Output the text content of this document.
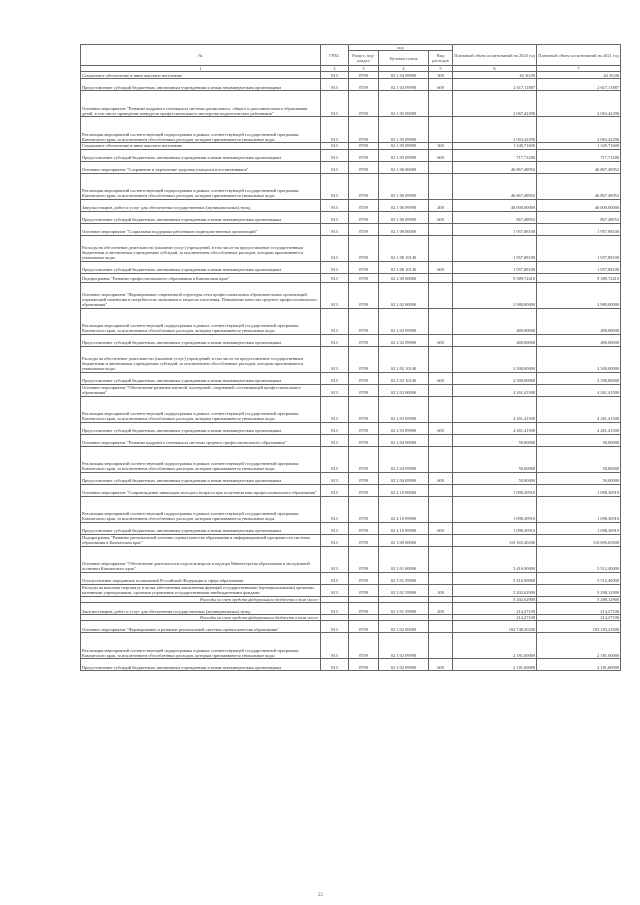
№	ГРБС	код			Плановый объем ассигнований на 2020 год	Плановый объем ассигнований на 2021 год
		Раздел, под-раздел	Целевая статья	Вид расходов		
1	2	3	4	5	6	7
Социальное обеспечение и иные выплаты населению	813	0709	02 1 04 09990	300	62 30,00	62 30,00
Предоставление субсидий бюджетным, автономным учреждениям и иным некоммерческим организациям	813	0709	02 1 04 09990	600	2 617,11887	2 617,11887
Основное мероприятие "Развитие кадрового потенциала системы дошкольного, общего и дополнительного образования детей, в том числе проведение конкурсов профессионального мастерства педагогических работников"	813	0709	02 1 05 00000		2 067,42290	2 063,42290
Реализация мероприятий соответствующей подпрограммы в рамках соответствующей государственной программы Камчатского края, за исключением обособленных расходов, которым присваиваются уникальные коды	813	0709	02 1 05 09990		2 003,42290	2 063,42290
Социальное обеспечение и иные выплаты населению	813	0709	02 1 05 09990	300	1 345,71600	1 345,71600
Предоставление субсидий бюджетным, автономным учреждениям и иным некоммерческим организациям	813	0709	02 1 05 09990	600	717,71280	717,71280
Основное мероприятие "Сохранение и укрепление здоровья учащихся и воспитанников"	813	0709	02 1 06 00000		46 867,48952	46 867,48952
Реализация мероприятий соответствующей подпрограммы в рамках соответствующей государственной программы Камчатского края, за исключением обособленных расходов, которым присваиваются уникальные коды	813	0709	02 1 06 09990		46 867,48952	46 867,48952
Закупка товаров, работ и услуг для обеспечения государственных (муниципальных) нужд	813	0709	02 1 06 09990	200	46 000,00000	46 000,00000
Предоставление субсидий бюджетным, автономным учреждениям и иным некоммерческим организациям	813	0709	02 1 06 09990	600	867,48952	867,48952
Основное мероприятие "Социальная поддержка работников подведомственных организаций"	813	0709	02 1 08 00000		1 957,88100	1 957,88100
Расходы на обеспечение деятельности (оказание услуг) учреждений, в том числе на предоставление государственным бюджетным и автономным учреждениям субсидий, за исключением обособленных расходов, которым присваиваются уникальные коды	813	0709	02 1 08 10140		1 957,88100	1 957,88100
Предоставление субсидий бюджетным, автономным учреждениям и иным некоммерческим организациям	813	0709	02 1 08 10140	600	1 957,88100	1 957,88100
Подпрограмма "Развитие профессионального образования в Камчатском крае"	813	0709	02 2 00 00000		9 389,72410	9 389,72410
Основное мероприятие "Формирование современной структуры сети профессиональных образовательных организаций, отражающей изменения в потребностях экономики и запросах населения. Повышение качества среднего профессионального образования"	813	0709	02 2 02 00000		2 980,00000	2 980,00000
Реализация мероприятий соответствующей подпрограммы в рамках соответствующей государственной программы Камчатского края, за исключением обособленных расходов, которым присваиваются уникальные коды	813	0709	02 2 02 09990		480,00000	480,00000
Предоставление субсидий бюджетным, автономным учреждениям и иным некоммерческим организациям	813	0709	02 2 02 09990	600	480,00000	480,00000
Расходы на обеспечение деятельности (оказание услуг) учреждений, в том числе на предоставление государственным бюджетным и автономным учреждениям субсидий, за исключением обособленных расходов, которым присваиваются уникальные коды	813	0709	02 2 02 10140		2 500,00000	2 500,00000
Предоставление субсидий бюджетным, автономным учреждениям и иным некоммерческим организациям	813	0709	02 2 02 10140	600	2 500,00000	2 500,00000
Основное мероприятие "Обеспечение развития научной, культурной, спортивной составляющей профессионального образования"	813	0709	02 2 03 00000		4 261,41500	4 261,41500
Реализация мероприятий соответствующей подпрограммы в рамках соответствующей государственной программы Камчатского края, за исключением обособленных расходов, которым присваиваются уникальные коды	813	0709	02 2 03 09990		4 261,41500	4 261,41500
Предоставление субсидий бюджетным, автономным учреждениям и иным некоммерческим организациям	813	0709	02 2 03 09990	600	4 261,41500	4 261,41500
Основное мероприятие "Развитие кадрового потенциала системы среднего профессионального образования"	813	0709	02 2 04 00000		50,00000	50,00000
Реализация мероприятий соответствующей подпрограммы в рамках соответствующей государственной программы Камчатского края, за исключением обособленных расходов, которым присваиваются уникальные коды	813	0709	02 2 04 09990		50,00000	50,00000
Предоставление субсидий бюджетным, автономным учреждениям и иным некоммерческим организациям	813	0709	02 2 04 09990	600	50,00000	50,00000
Основное мероприятие "Сопровождение инвалидов молодого возраста при получении ими профессионального образования"	813	0709	02 2 10 00000		1 098,30910	1 098,30910
Реализация мероприятий соответствующей подпрограммы в рамках соответствующей государственной программы Камчатского края, за исключением обособленных расходов, которым присваиваются уникальные коды	813	0709	02 2 10 09990		1 098,30910	1 098,30910
Предоставление субсидий бюджетным, автономным учреждениям и иным некоммерческим организациям	813	0709	02 2 10 09990	600	1 098,30910	1 098,30910
Подпрограмма "Развитие региональной системы оценки качества образования и информационной прозрачности системы образования в Камчатском крае"	813	0709	02 3 00 00000		110 165,40200	110 695,63500
Основное мероприятие "Обеспечение деятельности отдела контроля и надзора Министерства образования и молодежной политики Камчатского края"	813	0709	02 3 01 00000		5 416,90000	5 512,40000
Осуществление переданных полномочий Российской Федерации в сфере образования	813	0709	02 3 01 59900		5 416,90000	5 512,40000
Расходы на выплаты персоналу в целях обеспечения выполнения функций государственными (муниципальными) органами, казенными учреждениями, органами управления государственными внебюджетными фондами	813	0709	02 3 01 59900	100	5 202,62900	5 298,12900
Расходы за счет средств федерального бюджета в том числе:					5 202,62900	5 298,12900
Закупка товаров, работ и услуг для обеспечения государственных (муниципальных) нужд	813	0709	02 3 01 59900	200	214,27100	214,27100
Расходы за счет средств федерального бюджета в том числе:					214,27100	214,27100
Основное мероприятие "Формирование и развитие региональной системы оценки качества образования"	813	0709	02 3 02 00000		104 748,50200	105 183,23500
Реализация мероприятий соответствующей подпрограммы в рамках соответствующей государственной программы Камчатского края, за исключением обособленных расходов, которым присваиваются уникальные коды	813	0709	02 3 02 09990		2 181,60000	2 181,60000
Предоставление субсидий бюджетным, автономным учреждениям и иным некоммерческим организациям	813	0709	02 3 02 09990	600	2 181,60000	2 181,60000
22
